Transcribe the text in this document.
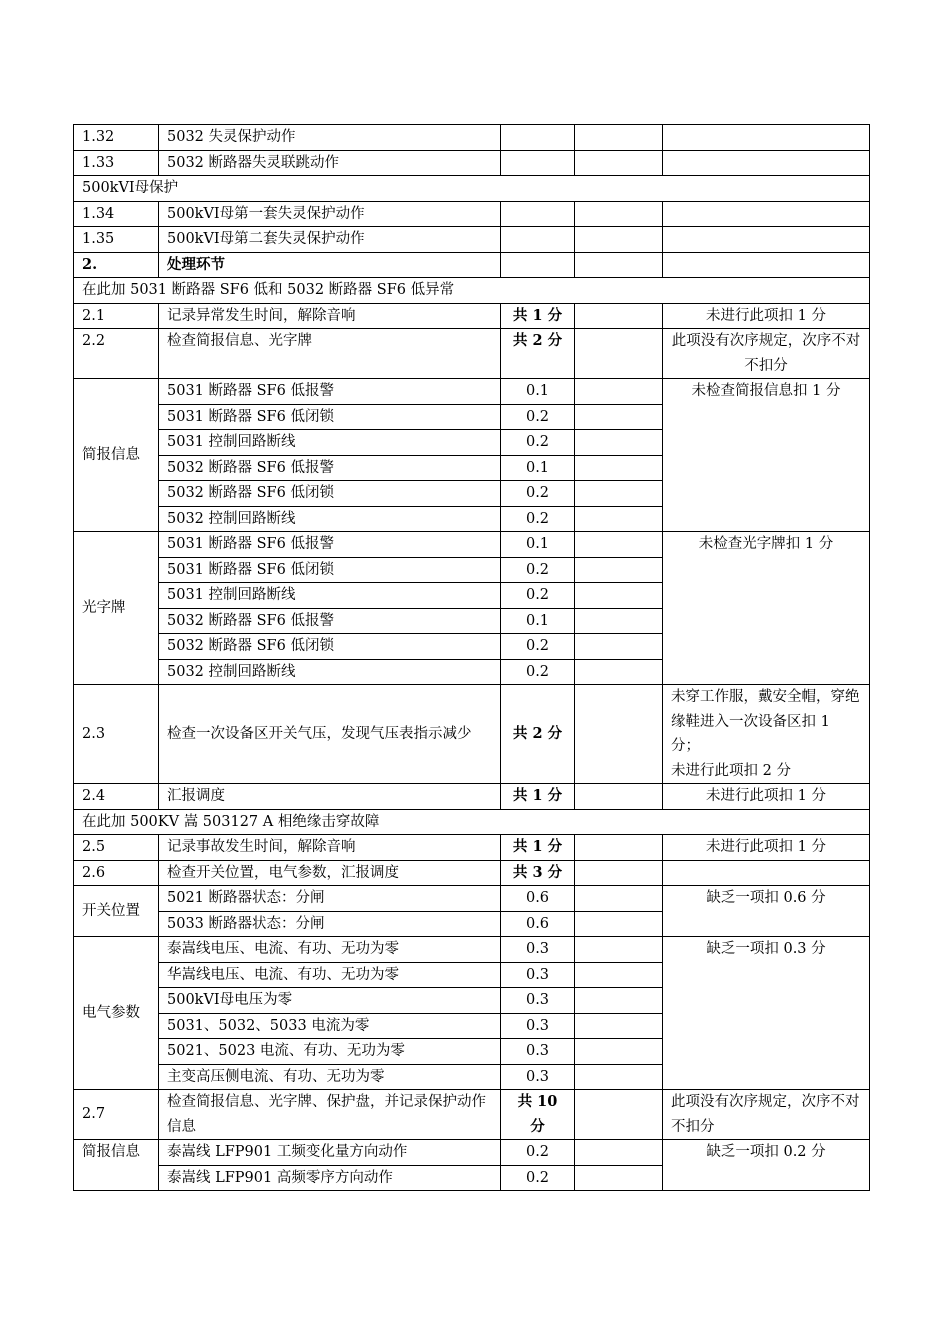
1.32	5032 失灵保护动作			
1.33	5032 断路器失灵联跳动作			
500kVⅠ母保护				
1.34	500kVⅠ母第一套失灵保护动作			
1.35	500kVⅠ母第二套失灵保护动作			
2.	处理环节			
在此加 5031 断路器 SF6 低和 5032 断路器 SF6 低异常				
2.1	记录异常发生时间，解除音响	共 1 分		未进行此项扣 1 分
2.2	检查简报信息、光字牌	共 2 分		此项没有次序规定，次序不对不扣分
简报信息	5031 断路器 SF6 低报警	0.1		未检查简报信息扣 1 分
	5031 断路器 SF6 低闭锁	0.2		
	5031 控制回路断线	0.2		
	5032 断路器 SF6 低报警	0.1		
	5032 断路器 SF6 低闭锁	0.2		
	5032 控制回路断线	0.2		
光字牌	5031 断路器 SF6 低报警	0.1		未检查光字牌扣 1 分
	5031 断路器 SF6 低闭锁	0.2		
	5031 控制回路断线	0.2		
	5032 断路器 SF6 低报警	0.1		
	5032 断路器 SF6 低闭锁	0.2		
	5032 控制回路断线	0.2		
2.3	检查一次设备区开关气压，发现气压表指示减少	共 2 分		未穿工作服，戴安全帽，穿绝缘鞋进入一次设备区扣 1 分；
未进行此项扣 2 分

2.4	汇报调度	共 1 分		未进行此项扣 1 分
在此加 500KV 嵩 503127 A 相绝缘击穿故障				
2.5	记录事故发生时间，解除音响	共 1 分		未进行此项扣 1 分
2.6	检查开关位置，电气参数，汇报调度	共 3 分		
开关位置	5021 断路器状态：分闸	0.6		缺乏一项扣 0.6 分
	5033 断路器状态：分闸	0.6		
电气参数	泰嵩线电压、电流、有功、无功为零	0.3		缺乏一项扣 0.3 分
	华嵩线电压、电流、有功、无功为零	0.3		
	500kVⅠ母电压为零	0.3		
	5031、5032、5033 电流为零	0.3		
	5021、5023 电流、有功、无功为零	0.3		
	主变高压侧电流、有功、无功为零	0.3		
2.7	检查简报信息、光字牌、保护盘，并记录保护动作信息	共 10 分		此项没有次序规定，次序不对不扣分
简报信息	泰嵩线 LFP901 工频变化量方向动作	0.2		缺乏一项扣 0.2 分
	泰嵩线 LFP901 高频零序方向动作	0.2		
